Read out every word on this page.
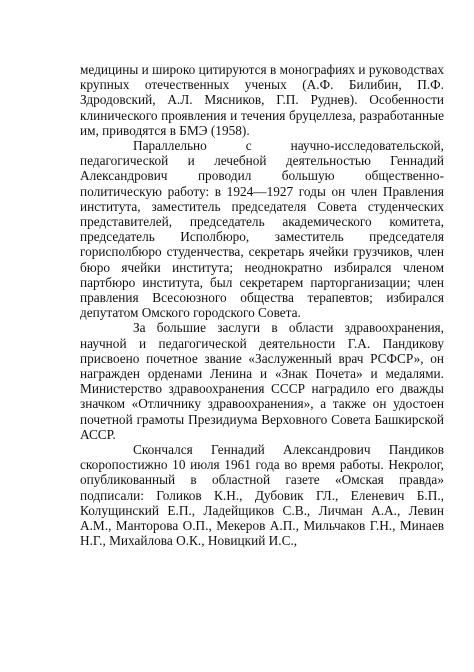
медицины и широко цитируются в монографиях и руководствах крупных отечественных ученых (А.Ф. Билибин, П.Ф. Здродовский, А.Л. Мясников, Г.П. Руднев). Особенности клинического проявления и течения бруцеллеза, разработанные им, приводятся в БМЭ (1958).

Параллельно с научно-исследовательской, педагогической и лечебной деятельностью Геннадий Александрович проводил большую общественно-политическую работу: в 1924—1927 годы он член Правления института, заместитель председателя Совета студенческих представителей, председатель академического комитета, председатель Исполбюро, заместитель председателя горисполбюро студенчества, секретарь ячейки грузчиков, член бюро ячейки института; неоднократно избирался членом партбюро института, был секретарем парторганизации; член правления Всесоюзного общества терапевтов; избирался депутатом Омского городского Совета.

За большие заслуги в области здравоохранения, научной и педагогической деятельности Г.А. Пандикову присвоено почетное звание «Заслуженный врач РСФСР», он награжден орденами Ленина и «Знак Почета» и медалями. Министерство здравоохранения СССР наградило его дважды значком «Отличнику здравоохранения», а также он удостоен почетной грамоты Президиума Верховного Совета Башкирской АССР.

Скончался Геннадий Александрович Пандиков скоропостижно 10 июля 1961 года во время работы. Некролог, опубликованный в областной газете «Омская правда» подписали: Голиков К.Н., Дубовик ГЛ., Еленевич Б.П., Колущинский Е.П., Ладейщиков С.В., Личман А.А., Левин А.М., Манторова О.П., Мекеров А.П., Мильчаков Г.Н., Минаев Н.Г., Михайлова О.К., Новицкий И.С.,
